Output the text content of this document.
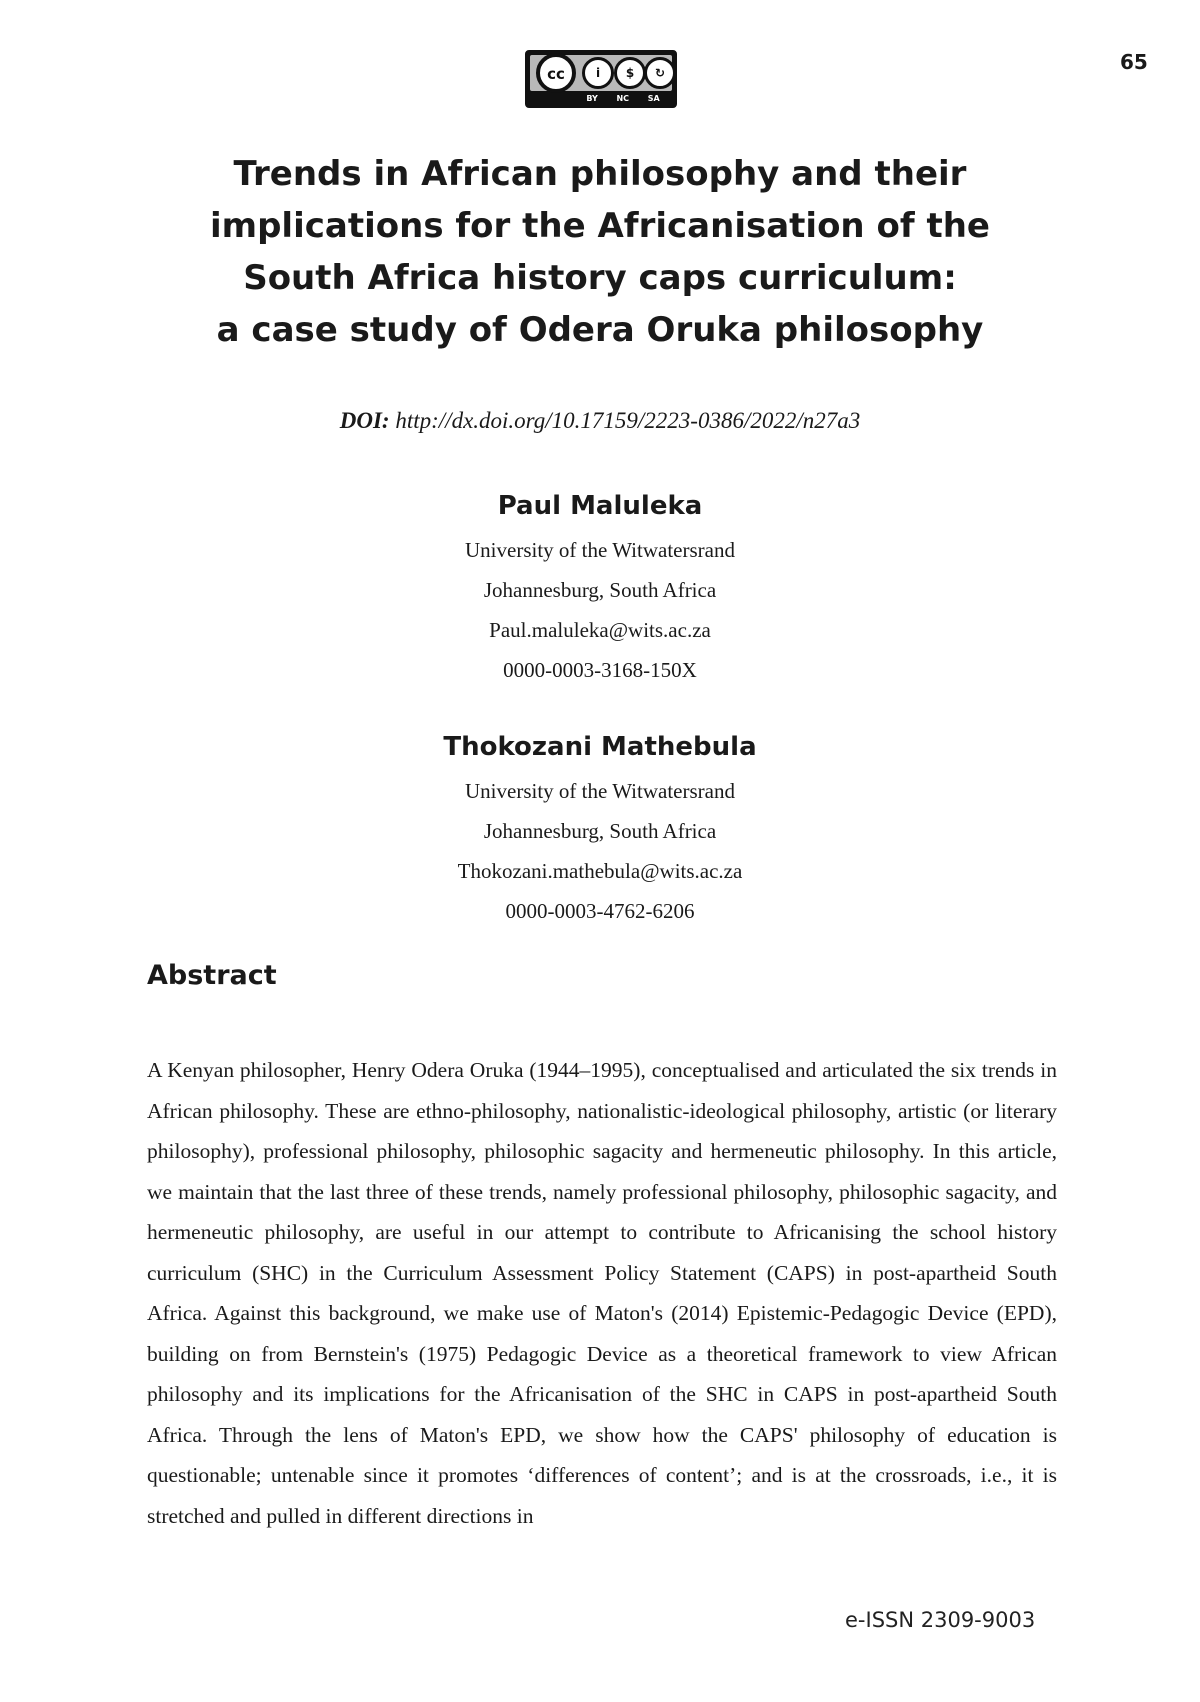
65
cc	i	$	↻
BY NC SA
Trends in African philosophy and their
implications for the Africanisation of the
South Africa history caps curriculum:
a case study of Odera Oruka philosophy
DOI: http://dx.doi.org/10.17159/2223-0386/2022/n27a3
Paul Maluleka
University of the Witwatersrand
Johannesburg, South Africa
Paul.maluleka@wits.ac.za
0000-0003-3168-150X
Thokozani Mathebula
University of the Witwatersrand
Johannesburg, South Africa
Thokozani.mathebula@wits.ac.za
0000-0003-4762-6206
Abstract

A Kenyan philosopher, Henry Odera Oruka (1944–1995), conceptualised and articulated the six trends in African philosophy. These are ethno-philosophy, nationalistic-ideological philosophy, artistic (or literary philosophy), professional philosophy, philosophic sagacity and hermeneutic philosophy. In this article, we maintain that the last three of these trends, namely professional philosophy, philosophic sagacity, and hermeneutic philosophy, are useful in our attempt to contribute to Africanising the school history curriculum (SHC) in the Curriculum Assessment Policy Statement (CAPS) in post-apartheid South Africa. Against this background, we make use of Maton's (2014) Epistemic-Pedagogic Device (EPD), building on from Bernstein's (1975) Pedagogic Device as a theoretical framework to view African philosophy and its implications for the Africanisation of the SHC in CAPS in post-apartheid South Africa. Through the lens of Maton's EPD, we show how the CAPS' philosophy of education is questionable; untenable since it promotes ‘differences of content’; and is at the crossroads, i.e., it is stretched and pulled in different directions in

e-ISSN 2309-9003
